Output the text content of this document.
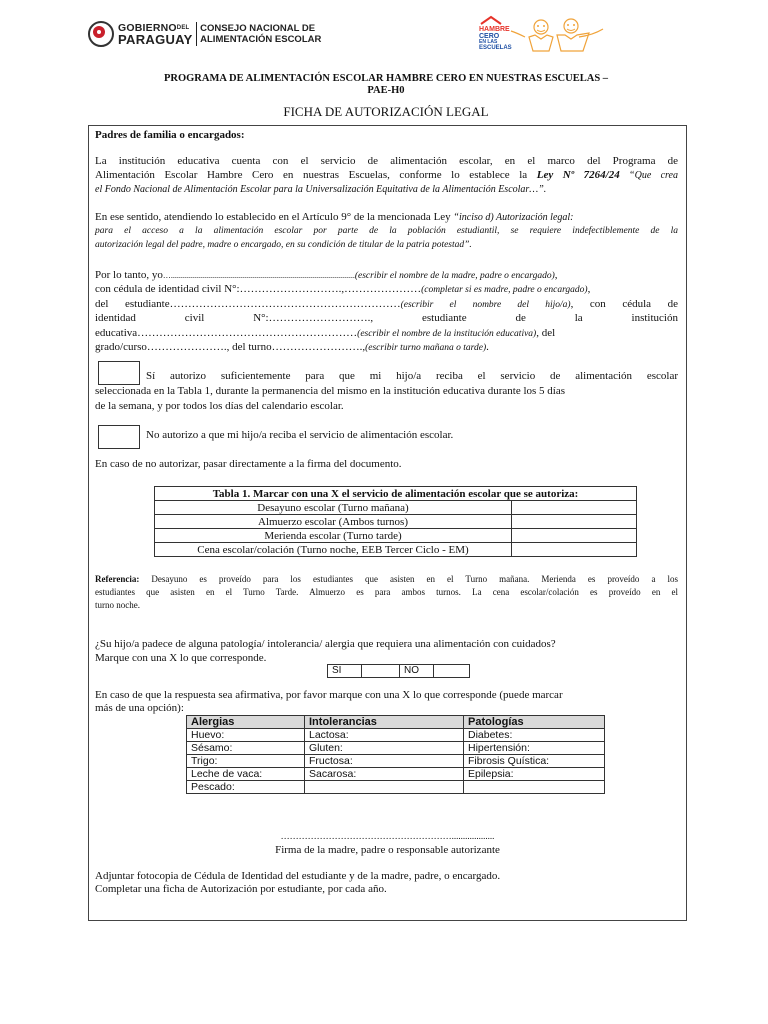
$GOBIERNO^{DEL}$
PARAGUAY
CONSEJO NACIONAL DE
ALIMENTACIÓN ESCOLAR
HAMBRE
CERO
EN LAS
ESCUELAS
PROGRAMA DE ALIMENTACIÓN ESCOLAR HAMBRE CERO EN NUESTRAS ESCUELAS –
PAE-H0
FICHA DE AUTORIZACIÓN LEGAL
Padres de familia o encargados:
La institución educativa cuenta con el servicio de alimentación escolar, en el marco del Programa de
Alimentación Escolar Hambre Cero en nuestras Escuelas, conforme lo establece la Ley Nº 7264/24 “Que crea
el Fondo Nacional de Alimentación Escolar para la Universalización Equitativa de la Alimentación Escolar…”.
En ese sentido, atendiendo lo establecido en el Artículo 9° de la mencionada Ley “inciso d) Autorización legal:
para el acceso a la alimentación escolar por parte de la población estudiantil, se requiere indefectiblemente de la
autorización legal del padre, madre o encargado, en su condición de titular de la patria potestad”.
Por lo tanto, yo…............................................................................................(escribir el nombre de la madre, padre o encargado),
con cédula de identidad civil N°:……………………….,…………………(completar si es madre, padre o encargado),
del estudiante………………………………………………………(escribir el nombre del hijo/a), con cédula de
identidad	civil	N°:……………………….,	estudiante	de	la	institución
educativa……………………………………………………(escribir el nombre de la institución educativa), del
grado/curso…………………., del turno…………………….,(escribir turno mañana o tarde).
Sí autorizo suficientemente para que mi hijo/a reciba el servicio de alimentación escolar
seleccionada en la Tabla 1, durante la permanencia del mismo en la institución educativa durante los 5 días
de la semana, y por todos los días del calendario escolar.
No autorizo a que mi hijo/a reciba el servicio de alimentación escolar.
En caso de no autorizar, pasar directamente a la firma del documento.
Tabla 1. Marcar con una X el servicio de alimentación escolar que se autoriza:	
Desayuno escolar (Turno mañana)	
Almuerzo escolar (Ambos turnos)	
Merienda escolar (Turno tarde)	
Cena escolar/colación (Turno noche, EEB Tercer Ciclo - EM)	
Referencia: Desayuno es proveído para los estudiantes que asisten en el Turno mañana. Merienda es proveído a los
estudiantes que asisten en el Turno Tarde. Almuerzo es para ambos turnos. La cena escolar/colación es proveído en el
turno noche.
¿Su hijo/a padece de alguna patología/ intolerancia/ alergia que requiera una alimentación con cuidados?
Marque con una X lo que corresponde.
SI		NO	
En caso de que la respuesta sea afirmativa, por favor marque con una X lo que corresponde (puede marcar
más de una opción):
Alergias	Intolerancias	Patologías
Huevo:	Lactosa:	Diabetes:
Sésamo:	Gluten:	Hipertensión:
Trigo:	Fructosa:	Fibrosis Quística:
Leche de vaca:	Sacarosa:	Epilepsia:
Pescado:		
…………………………………………………...................
Firma de la madre, padre o responsable autorizante
Adjuntar fotocopia de Cédula de Identidad del estudiante y de la madre, padre, o encargado.
Completar una ficha de Autorización por estudiante, por cada año.
